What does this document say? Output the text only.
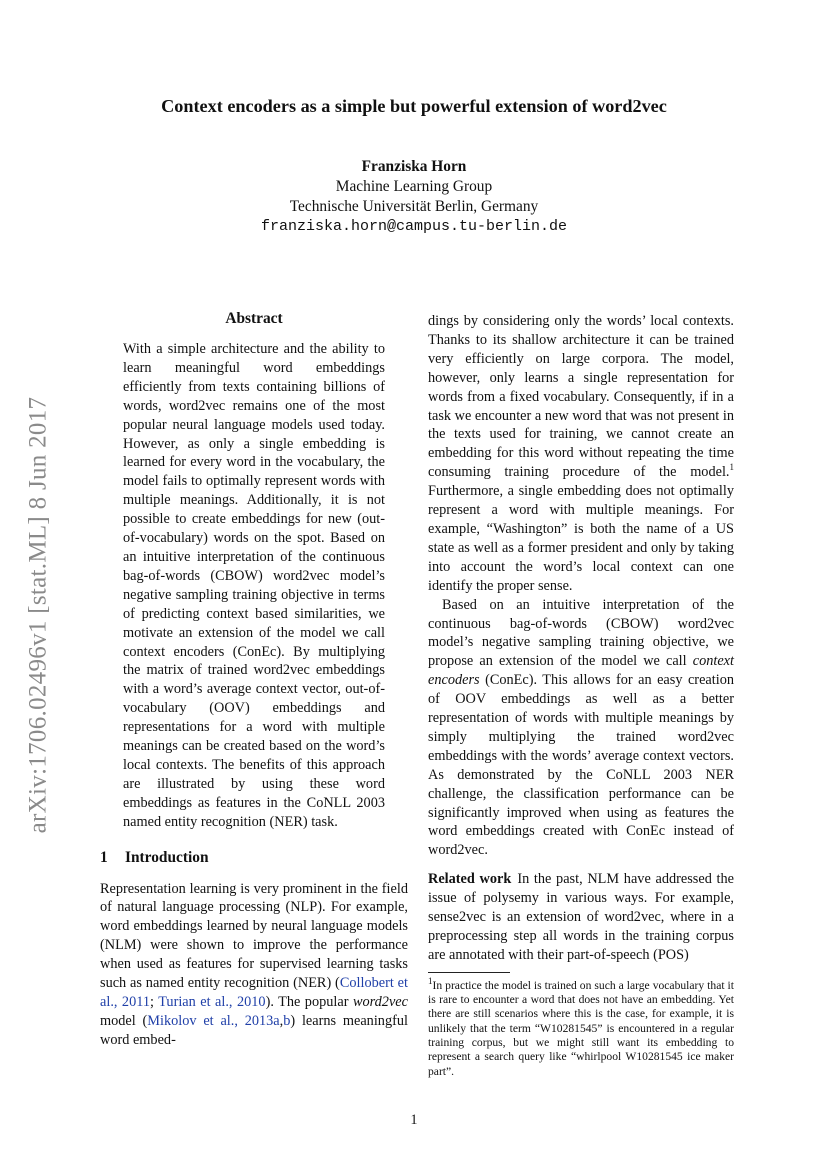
arXiv:1706.02496v1 [stat.ML] 8 Jun 2017
Context encoders as a simple but powerful extension of word2vec
Franziska Horn
Machine Learning Group
Technische Universität Berlin, Germany
franziska.horn@campus.tu-berlin.de
Abstract

With a simple architecture and the ability to learn meaningful word embeddings efficiently from texts containing billions of words, word2vec remains one of the most popular neural language models used today. However, as only a single embedding is learned for every word in the vocabulary, the model fails to optimally represent words with multiple meanings. Additionally, it is not possible to create embeddings for new (out-of-vocabulary) words on the spot. Based on an intuitive interpretation of the continuous bag-of-words (CBOW) word2vec model’s negative sampling training objective in terms of predicting context based similarities, we motivate an extension of the model we call context encoders (ConEc). By multiplying the matrix of trained word2vec embeddings with a word’s average context vector, out-of-vocabulary (OOV) embeddings and representations for a word with multiple meanings can be created based on the word’s local contexts. The benefits of this approach are illustrated by using these word embeddings as features in the CoNLL 2003 named entity recognition (NER) task.

1 Introduction

Representation learning is very prominent in the field of natural language processing (NLP). For example, word embeddings learned by neural language models (NLM) were shown to improve the performance when used as features for supervised learning tasks such as named entity recognition (NER) (Collobert et al., 2011; Turian et al., 2010). The popular word2vec model (Mikolov et al., 2013a,b) learns meaningful word embed-

dings by considering only the words’ local contexts. Thanks to its shallow architecture it can be trained very efficiently on large corpora. The model, however, only learns a single representation for words from a fixed vocabulary. Consequently, if in a task we encounter a new word that was not present in the texts used for training, we cannot create an embedding for this word without repeating the time consuming training procedure of the model.$^1$ Furthermore, a single embedding does not optimally represent a word with multiple meanings. For example, “Washington” is both the name of a US state as well as a former president and only by taking into account the word’s local context can one identify the proper sense.

Based on an intuitive interpretation of the continuous bag-of-words (CBOW) word2vec model’s negative sampling training objective, we propose an extension of the model we call context encoders (ConEc). This allows for an easy creation of OOV embeddings as well as a better representation of words with multiple meanings by simply multiplying the trained word2vec embeddings with the words’ average context vectors. As demonstrated by the CoNLL 2003 NER challenge, the classification performance can be significantly improved when using as features the word embeddings created with ConEc instead of word2vec.

Related work In the past, NLM have addressed the issue of polysemy in various ways. For example, sense2vec is an extension of word2vec, where in a preprocessing step all words in the training corpus are annotated with their part-of-speech (POS)

$^1$In practice the model is trained on such a large vocabulary that it is rare to encounter a word that does not have an embedding. Yet there are still scenarios where this is the case, for example, it is unlikely that the term “W10281545” is encountered in a regular training corpus, but we might still want its embedding to represent a search query like “whirlpool W10281545 ice maker part”.

1
